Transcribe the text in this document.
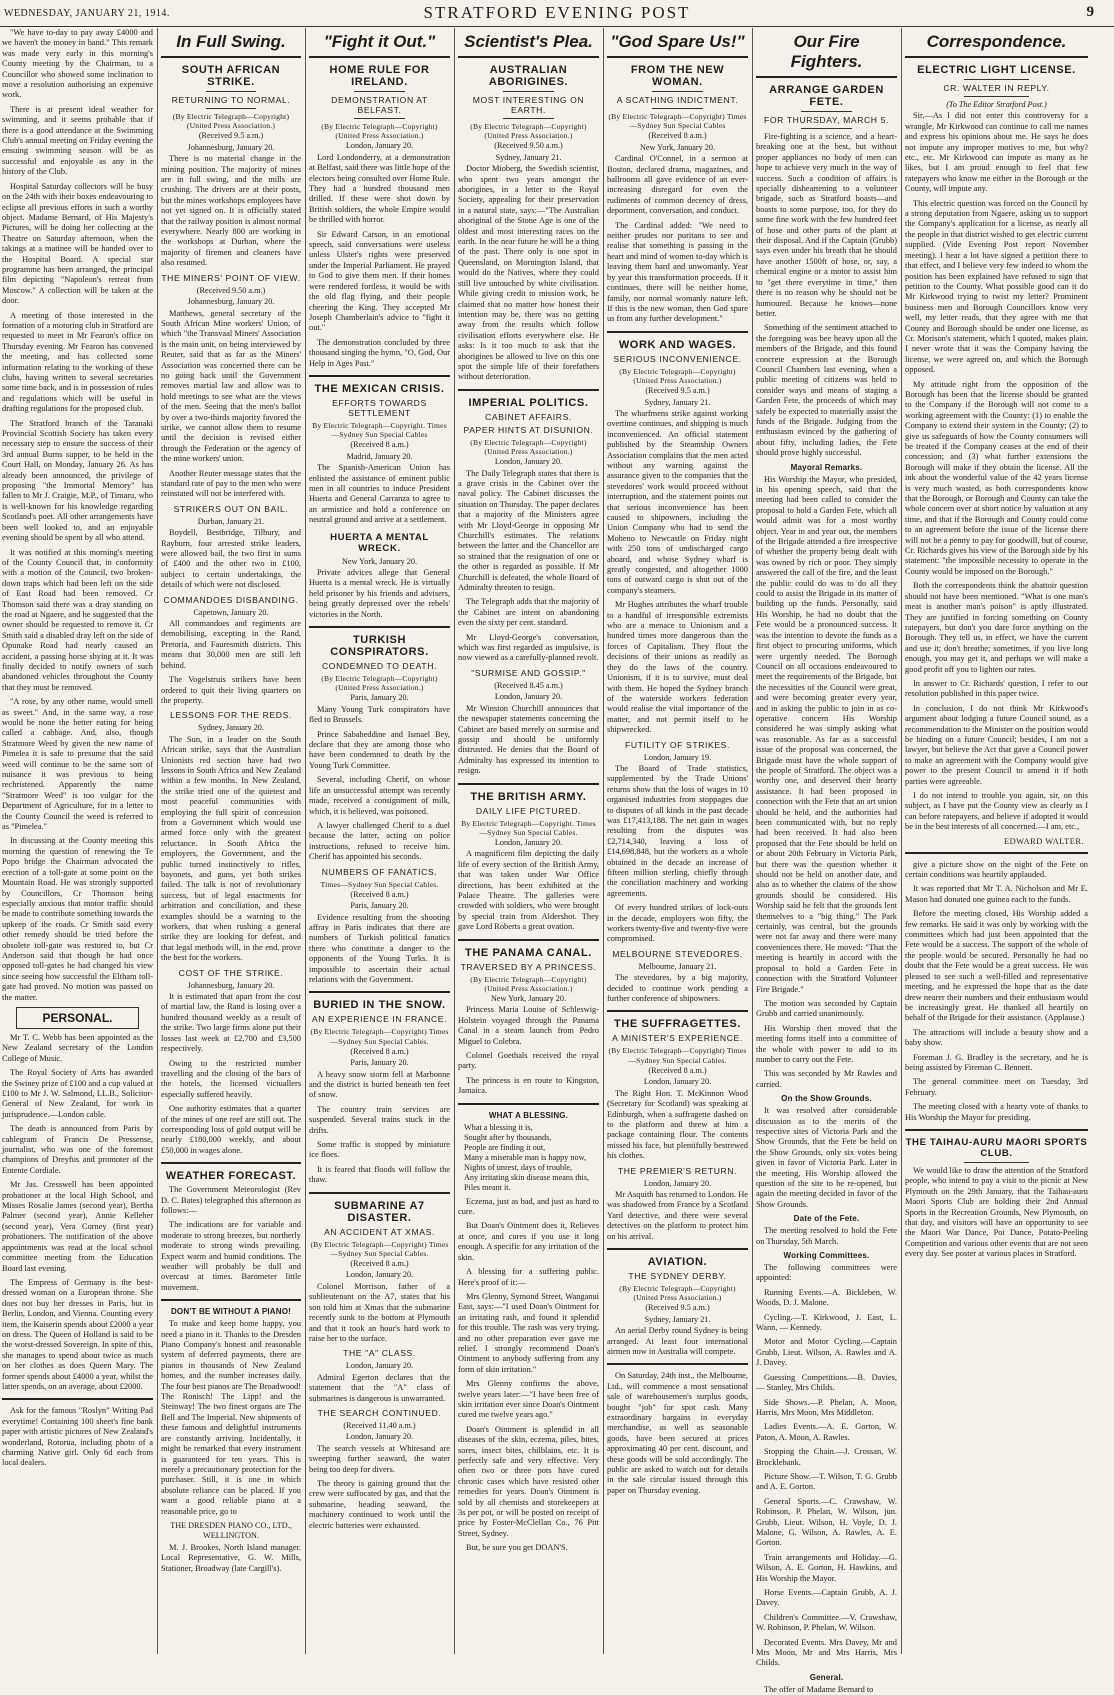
WEDNESDAY, JANUARY 21, 1914.	STRATFORD EVENING POST	9

"We have to-day to pay away £4000 and we haven't the money in hand." This remark was made very early in this morning's County meeting by the Chairman, to a Councillor who showed some inclination to move a resolution authorising an expensive work.

There is at present ideal weather for swimming, and it seems probable that if there is a good attendance at the Swimming Club's annual meeting on Friday evening the ensuing swimming season will be as successful and enjoyable as any in the history of the Club.

Hospital Saturday collectors will be busy on the 24th with their boxes endeavouring to eclipse all previous efforts in such a worthy object. Madame Bernard, of His Majesty's Pictures, will be doing her collecting at the Theatre on Saturday afternoon, when the takings at a matinee will be handed over to the Hospital Board. A special star programme has been arranged, the principal film depicting "Napoleon's retreat from Moscow." A collection will be taken at the door.

A meeting of those interested in the formation of a motoring club in Stratford are requested to meet in Mr Fearon's office on Thursday evening. Mr Fearon has convened the meeting, and has collected some information relating to the working of these clubs, having written to several secretaries some time back, and is in possession of rules and regulations which will be useful in drafting regulations for the proposed club.

The Stratford branch of the Taranaki Provincial Scottish Society has taken every necessary step to ensure the success of their 3rd annual Burns supper, to be held in the Court Hall, on Monday, January 26. As has already been announced, the privilege of proposing "the Immortal Memory" has fallen to Mr J. Craigie, M.P., of Timaru, who is well-known for his knowledge regarding Scotland's poet. All other arrangements have been well looked to, and an enjoyable evening should be spent by all who attend.

It was notified at this morning's meeting of the County Council that, in conformity with a motion of the Council, two broken-down traps which had been left on the side of East Road had been removed. Cr Thomson said there was a dray standing on the road at Ngaere, and he suggested that the owner should be requested to remove it. Cr Smith said a disabled dray left on the side of Opunake Road had nearly caused an accident, a passing horse shying at it. It was finally decided to notify owners of such abandoned vehicles throughout the County that they must be removed.

"A rose, by any other name, would smell as sweet." And, in the same way, a rose would be none the better eating for being called a cabbage. And, also, though Stratmore Weed by given the new name of Pimelea it is safe to presume that the said weed will continue to be the same sort of nuisance it was previous to being rechristened. Apparently the name "Stratmore Weed" is too vulgar for the Department of Agriculture, for in a letter to the County Council the weed is referred to as "Pimelea."

In discussing at the County meeting this morning the question of renewing the Te Popo bridge the Chairman advocated the erection of a toll-gate at some point on the Mountain Road. He was strongly supported by Councillors, Cr Thomson being especially anxious that motor traffic should be made to contribute something towards the upkeep of the roads. Cr Smith said every other remedy should be tried before the obsolete toll-gate was restored to, but Cr Anderson said that though he had once opposed toll-gates he had changed his view since seeing how successful the Eltham toll-gate had proved. No motion was passed on the matter.

PERSONAL.

Mr T. C. Webb has been appointed as the New Zealand secretary of the London College of Music.

The Royal Society of Arts has awarded the Swiney prize of £100 and a cup valued at £100 to Mr J. W. Salmond, LL.B., Solicitor-General of New Zealand, for work in jurisprudence.—London cable.

The death is announced from Paris by cablegram of Francis De Pressense, journalist, who was one of the foremost champions of Dreyfus and promoter of the Entente Cordiale.

Mr Jas. Cresswell has been appointed probationer at the local High School, and Misses Rosalie James (second year), Bertha Palmer (second year), Annie Kelleher (second year), Vera Corney (first year) probationers. The notification of the above appointments was read at the local school committee meeting from the Education Board last evening.

The Empress of Germany is the best-dressed woman on a European throne. She does not buy her dresses in Paris, but in Berlin, London, and Vienna. Counting every item, the Kaiserin spends about £2000 a year on dress. The Queen of Holland is said to be the worst-dressed Sovereign. In spite of this, she manages to spend about twice as much on her clothes as does Queen Mary. The former spends about £4000 a year, whilst the latter spends, on an average, about £2000.

Ask for the famous "Roslyn" Writing Pad everytime! Containing 100 sheet's fine bank paper with artistic pictures of New Zealand's wonderland, Rotorua, including photo of a charming Native girl. Only 6d each from local dealers.

In Full Swing.
SOUTH AFRICAN STRIKE.
RETURNING TO NORMAL.

(By Electric Telegraph—Copyright) (United Press Association.)

(Received 9.5 a.m.)

Johannesburg, January 20.

There is no material change in the mining position. The majority of mines are in full swing, and the mills are crushing. The drivers are at their posts, but the mines workshops employees have not yet signed on. It is officially stated that the railway position is almost normal everywhere. Nearly 800 are working in the workshops at Durban, where the majority of firemen and cleaners have also resumed.

THE MINERS' POINT OF VIEW.

(Received 9.50 a.m.)

Johannesburg, January 20.

Matthews, general secretary of the South African Mine workers' Union, of which "the Transvaal Miners' Association is the main unit, on being interviewed by Reuter, said that as far as the Miners' Association was concerned there can be no going back until the Government removes martial law and allow was to hold meetings to see what are the views of the men. Seeing that the men's ballot by over a two-thirds majority favored the strike, we cannot allow them to resume until the decision is revised either through the Federation or the agency of the mine workers' union.

Another Reuter message states that the standard rate of pay to the men who were reinstated will not be interfered with.

STRIKERS OUT ON BAIL.

Durban, January 21.

Boydell, Bestbridge, Tilbury, and Rayburn, four arrested strike leaders, were allowed bail, the two first in sums of £400 and the other two in £100, subject to certain undertakings, the details of which were not disclosed.

COMMANDOES DISBANDING.

Capetown, January 20.

All commandoes and regiments are demobilising, excepting in the Rand, Pretoria, and Fauresmith districts. This means that 30,000 men are still left behind.

The Vogelstruis strikers have been ordered to quit their living quarters on the property.

LESSONS FOR THE REDS.

Sydney, January 20.

The Sun, in a leader on the South African strike, says that the Australian Unionists red section have had two lessons in South Africa and New Zealand within a few months. In New Zealand, the strike tried one of the quietest and most peaceful communities with employing the full spirit of concession from a Government which would use armed force only with the greatest reluctance. In South Africa the employers, the Government, and the public turned instinctively to rifles, bayonets, and guns, yet both strikes failed. The talk is not of revolutionary success, but of legal enactments for arbitration and conciliation, and these examples should be a warning to the workers, that when rushing a general strike they are looking for defeat, and that legal methods will, in the end, prove the best for the workers.

COST OF THE STRIKE.

Johannesburg, January 20.

It is estimated that apart from the cost of martial law, the Rand is losing over a hundred thousand weekly as a result of the strike. Two large firms alone put their losses last week at £2,700 and £3,500 respectively.

Owing to the restricted number travelling and the closing of the bars of the hotels, the licensed victuallers especially suffered heavily.

One authority estimates that a quarter of the mines of one reef are still out. The corresponding loss of gold output will be nearly £180,000 weekly, and about £50,000 in wages alone.

WEATHER FORECAST.

The Government Meteorologist (Rev D. C. Bates) telegraphed this afternoon as follows:—

The indications are for variable and moderate to strong breezes, but northerly moderate to strong winds prevailing. Expect warm and humid conditions. The weather will probably be dull and overcast at times. Barometer little movement.

DON'T BE WITHOUT A PIANO!

To make and keep home happy, you need a piano in it. Thanks to the Dresden Piano Company's honest and reasonable system of deferred payments, there are pianos in thousands of New Zealand homes, and the number increases daily. The four best pianos are The Broadwood! The Ronisch! The Lipp! and the Steinway! The two finest organs are The Bell and The Imperial. New shipments of these famous and delightful instruments are constantly arriving. Incidentally, it might be remarked that every instrument is guaranteed for ten years. This is merely a precautionary protection for the purchaser. Still, it is one in which absolute reliance can be placed. If you want a good reliable piano at a reasonable price, go to

THE DRESDEN PIANO CO., LTD., WELLINGTON.

M. J. Brookes, North Island manager. Local Representative, G. W. Mills, Stationer, Broadway (late Cargill's).

"Fight it Out."
HOME RULE FOR IRELAND.
DEMONSTRATION AT BELFAST.

(By Electric Telegraph—Copyright) (United Press Association.)

London, January 20.

Lord Londonderry, at a demonstration at Belfast, said there was little hope of the electors being consulted over Home Rule. They had a hundred thousand men drilled. If these were shot down by British soldiers, the whole Empire would be thrilled with horror.

Sir Edward Carson, in an emotional speech, said conversations were useless unless Ulster's rights were preserved under the Imperial Parliament. He prayed to God to give them men. If their homes were rendered fortless, it would be with the old flag flying, and their people cheering the King. They accepted Mr Joseph Chamberlain's advice to "fight it out."

The demonstration concluded by three thousand singing the hymn, "O, God, Our Help in Ages Past."

THE MEXICAN CRISIS.
EFFORTS TOWARDS SETTLEMENT

By Electric Telegraph—Copyright. Times—Sydney Sun Special Cables

(Received 8 a.m.)

Madrid, January 20.

The Spanish-American Union has enlisted the assistance of eminent public men in all countries to induce President Huerta and General Carranza to agree to an armistice and hold a conference on neutral ground and arrive at a settlement.

HUERTA A MENTAL WRECK.

New York, January 20.

Private advices allege that General Huerta is a mental wreck. He is virtually held prisoner by his friends and advisers, being greatly depressed over the rebels' victories in the North.

TURKISH CONSPIRATORS.
CONDEMNED TO DEATH.

(By Electric Telegraph—Copyright) (United Press Association.)

Paris, January 20.

Many Young Turk conspirators have fled to Brussels.

Prince Sabaheddine and Ismael Bey, declare that they are among those who have been condemned to death by the Young Turk Committee.

Several, including Cherif, on whose life an unsuccessful attempt was recently made, received a consignment of milk, which, it is believed, was poisoned.

A lawyer challenged Cherif to a duel because the latter, acting on police instructions, refused to receive him. Cherif has appointed his seconds.

NUMBERS OF FANATICS.

Times—Sydney Sun Special Cables.

(Received 8 a.m.)

Paris, January 20.

Evidence resulting from the shooting affray in Paris indicates that there are numbers of Turkish political fanatics there who constitute a danger to the opponents of the Young Turks. It is impossible to ascertain their actual relations with the Government.

BURIED IN THE SNOW.
AN EXPERIENCE IN FRANCE.

(By Electric Telegraph—Copyright) Times—Sydney Sun Special Cables.

(Received 8 a.m.)

Paris, January 20.

A heavy snow storm fell at Marbonne and the district is buried beneath ten feet of snow.

The country train services are suspended. Several trains stuck in the drifts.

Some traffic is stopped by miniature ice floes.

It is feared that floods will follow the thaw.

SUBMARINE A7 DISASTER.
AN ACCIDENT AT XMAS.

(By Electric Telegraph—Copyright) Times—Sydney Sun Special Cables.

(Received 8 a.m.)

London, January 20.

Colonel Morrison, father of a sublieutenant on the A7, states that his son told him at Xmas that the submarine recently sunk to the bottom at Plymouth and that it took an hour's hard work to raise her to the surface.

THE "A" CLASS.

London, January 20.

Admiral Egerton declares that the statement that the "A" class of submarines is dangerous is unwarranted.

THE SEARCH CONTINUED.

(Received 11.40 a.m.)

London, January 20.

The search vessels at Whitesand are sweeping further seaward, the water being too deep for divers.

The theory is gaining ground that the crew were suffocated by gas, and that the submarine, heading seaward, the machinery continued to work until the electric batteries were exhausted.

Scientist's Plea.
AUSTRALIAN ABORIGINES.
MOST INTERESTING ON EARTH.

(By Electric Telegraph—Copyright) (United Press Association.)

(Received 9.50 a.m.)

Sydney, January 21.

Doctor Mioberg, the Swedish scientist, who spent two years amongst the aborigines, in a letter to the Royal Society, appealing for their preservation in a natural state, says:—"The Australian aboriginal of the Stone Age is one of the oldest and most interesting races on the earth. In the near future he will be a thing of the past. There only is one spot in Queensland, on Mornington Island, that would do the Natives, where they could still live untouched by white civilisation. While giving credit to mission work, he claimed that no matter how honest their intention may be, there was no getting away from the results which follow civilisation efforts everywhere else. He asks: Is it too much to ask that the aborigines be allowed to live on this one spot the simple life of their forefathers without deterioration.

IMPERIAL POLITICS.
CABINET AFFAIRS.
PAPER HINTS AT DISUNION.

(By Electric Telegraph—Copyright) (United Press Association.)

London, January 20.

The Daily Telegraph states that there is a grave crisis in the Cabinet over the naval policy. The Cabinet discusses the situation on Thursday. The paper declares that a majority of the Ministers agree with Mr Lloyd-George in opposing Mr Churchill's estimates. The relations between the latter and the Chancellor are so strained that the resignation of one or the other is regarded as possible. If Mr Churchill is defeated, the whole Board of Admiralty threaten to resign.

The Telegraph adds that the majority of the Cabinet are intent on abandoning even the sixty per cent. standard.

Mr Lloyd-George's conversation, which was first regarded as impulsive, is now viewed as a carefully-planned revolt.

"SURMISE AND GOSSIP."

(Received 8.45 a.m.)

London, January 20.

Mr Winston Churchill announces that the newspaper statements concerning the Cabinet are based merely on surmise and gossip and should be uniformly distrusted. He denies that the Board of Admiralty has expressed its intention to resign.

THE BRITISH ARMY.
DAILY LIFE PICTURED.

By Electric Telegraph—Copyright. Times—Sydney Sun Special Cables.

London, January 20.

A magnificent film depicting the daily life of every section of the British Army, that was taken under War Office directions, has been exhibited at the Palace Theatre. The galleries were crowded with soldiers, who were brought by special train from Aldershot. They gave Lord Roberts a great ovation.

THE PANAMA CANAL.
TRAVERSED BY A PRINCESS.

(By Electric Telegraph—Copyright) (United Press Association.)

New York, January 20.

Princess Maria Louise of Schleswig-Holstein voyaged through the Panama Canal in a steam launch from Pedro Miguel to Colebra.

Colonel Goethals received the royal party.

The princess is en route to Kingston, Jamaica.

WHAT A BLESSING.
What a blessing it is,
Sought after by thousands,
People are finding it out,
Many a miserable man is happy now,
Nights of unrest, days of trouble,
Any irritating skin disease means this,
Piles meant it.

Eczema, just as bad, and just as hard to cure.

But Doan's Ointment does it, Relieves at once, and cures if you use it long enough. A specific for any irritation of the skin.

A blessing for a suffering public. Here's proof of it:—

Mrs Glenny, Symond Street, Wanganui East, says:—"I used Doan's Ointment for an irritating rash, and found it splendid for this trouble. The rash was very trying, and no other preparation ever gave me relief. I strongly recommend Doan's Ointment to anybody suffering from any form of skin irritation."

Mrs Glenny confirms the above, twelve years later:—"I have been free of skin irritation ever since Doan's Ointment cured me twelve years ago."

Doan's Ointment is splendid in all diseases of the skin, eczema, piles, bites, sores, insect bites, chilblains, etc. It is perfectly safe and very effective. Very often two or three pots have cured chronic cases which have resisted other remedies for years. Doan's Ointment is sold by all chemists and storekeepers at 3s per pot, or will be posted on receipt of price by Foster-McClellan Co., 76 Pitt Street, Sydney.

But, be sure you get DOAN'S.

"God Spare Us!"
FROM THE NEW WOMAN.
A SCATHING INDICTMENT.

(By Electric Telegraph—Copyright) Times—Sydney Sun Special Cables

(Received 8 a.m.)

New York, January 20.

Cardinal O'Connel, in a sermon at Boston, declared drama, magazines, and ballrooms all gave evidence of an ever-increasing disregard for even the rudiments of common decency of dress, deportment, conversation, and conduct.

The Cardinal added: "We need to neither prudes nor puritans to see and realise that something is passing in the heart and mind of women to-day which is leaving them hard and unwomanly. Year by year this transformation proceeds. If it continues, there will be neither home, family, nor normal womanly nature left. If this is the new woman, then God spare us from any further development."

WORK AND WAGES.
SERIOUS INCONVENIENCE.

(By Electric Telegraph—Copyright) (United Press Association.)

(Received 9.5 a.m.)

Sydney, January 21.

The wharfmens strike against working overtime continues, and shipping is much inconvenienced. An official statement published by the Steamship Owners Association complains that the men acted without any warning against the assurance given to the companies that the stevedores' work would proceed without interruption, and the statement points out that serious inconvenience has been caused to shipowners, including the Union Company who had to send the Moheno to Newcastle on Friday night with 250 tons of undischarged cargo aboard, and whose Sydney wharf is greatly congested, and altogether 1000 tons of outward cargo is shut out of the company's steamers.

Mr Hughes attributes the wharf trouble to a handful of irresponsible extremists who are a menace to Unionism and a hundred times more dangerous than the forces of Capitalism. They flout the decisions of their unions as readily as they do the laws of the country. Unionism, if it is to survive, must deal with them. He hoped the Sydney branch of the waterside workers federation would realise the vital importance of the matter, and not permit itself to be shipwrecked.

FUTILITY OF STRIKES.

London, January 19.

The Board of Trade statistics, supplemented by the Trade Unions' returns show that the loss of wages in 10 organised industries from stoppages due to disputes of all kinds in the past decade was £17,413,188. The net gain in wages resulting from the disputes was £2,714,340, leaving a loss of £14,698,848, but the workers as a whole obtained in the decade an increase of fifteen million sterling, chiefly through the conciliation machinery and working agreements.

Of every hundred strikes of lock-outs in the decade, employers won fifty, the workers twenty-five and twenty-five were compromised.

MELBOURNE STEVEDORES.

Melbourne, January 21.

The stevedores, by a big majority, decided to continue work pending a further conference of shipowners.

THE SUFFRAGETTES.
A MINISTER'S EXPERIENCE.

(By Electric Telegraph—Copyright) Times—Sydney Sun Special Cables.

(Received 8 a.m.)

London, January 20.

The Right Hon. T. McKinnon Wood (Secretary for Scotland) was speaking at Edinburgh, when a suffragette dashed on to the platform and threw at him a package containing flour. The contents missed his face, but plentifully bestrewed his clothes.

THE PREMIER'S RETURN.

London, January 20.

Mr Asquith has returned to London. He was shadowed from France by a Scotland Yard detective, and there were several detectives on the platform to protect him on his arrival.

AVIATION.
THE SYDNEY DERBY.

(By Electric Telegraph—Copyright) (United Press Association.)

(Received 9.5 a.m.)

Sydney, January 21.

An aerial Derby round Sydney is being arranged. At least four international airmen now in Australia will compete.

On Saturday, 24th inst., the Melbourne, Ltd., will commence a most sensational sale of warehousemen's surplus goods, bought "job" for spot cash. Many extraordinary bargains in everyday merchandise, as well as seasonable goods, have been secured at prices approximating 40 per cent. discount, and these goods will be sold accordingly. The public are asked to watch out for details in the sale circular issued through this paper on Thursday evening.

Our Fire Fighters.
ARRANGE GARDEN FETE.
FOR THURSDAY, MARCH 5.

Fire-fighting is a science, and a heart-breaking one at the best, but without proper appliances no body of men can hope to achieve very much in the way of success. Such a condition of affairs is specially disheartening to a volunteer brigade, such as Stratford boasts—and boasts to some purpose, too, for they do some fine work with the few hundred feet of hose and other parts of the plant at their disposal. And if the Captain (Grubb) says even under his breath that he should have another 1500ft of hose, or, say, a chemical engine or a motor to assist him to "get there everytime in time," then there is no reason why he should not be humoured. Because he knows—none better.

Something of the sentiment attached to the foregoing was bee heavy upon all the members of the Brigade, and this found concrete expression at the Borough Council Chambers last evening, when a public meeting of citizens was held to consider ways and means of staging a Garden Fete, the proceeds of which may safely be expected to materially assist the funds of the Brigade. Judging from the enthusiasm evinced by the gathering of about fifty, including ladies, the Fete should prove highly successful.

Mayoral Remarks.

His Worship the Mayor, who presided, in his opening speech, said that the meeting had been called to consider the proposal to hold a Garden Fete, which all would admit was for a most worthy object. Year in and year out, the members of the Brigade attended a fire irrespective of whether the property being dealt with was owned by rich or poor. They simply answered the call of the fire, and the least the public could do was to do all they could to assist the Brigade in its matter of building up the funds. Personally, said His Worship, he had no doubt that the Fete would be a pronounced success. It was the intention to devote the funds as a first object to procuring uniforms, which were urgently needed. The Borough Council on all occasions endeavoured to meet the requirements of the Brigade, but the necessities of the Council were great, and were becoming greater every year, and in asking the public to join in as co-operative concern His Worship considered he was simply asking what was reasonable. As far as a successful issue of the proposal was concerned, the Brigade must have the whole support of the people of Stratford. The object was a worthy one, and deserved their hearty assistance. It had been proposed in connection with the Fete that an art union should be held, and the authorities had been communicated with, but no reply had been received. It had also been proposed that the Fete should be held on or about 20th February in Victoria Park, but there was the question whether it should not be held on another date, and also as to whether the claims of the show grounds should be considered. His Worship said he felt that the grounds lent themselves to a "big thing." The Park certainly, was central, but the grounds were not far away and there were many conveniences there. He moved: "That the meeting is heartily in accord with the proposal to hold a Garden Fete in connection with the Stratford Volunteer Fire Brigade."

The motion was seconded by Captain Grubb and carried unanimously.

His Worship then moved that the meeting forms itself into a committee of the whole with power to add to its number to carry out the Fete.

This was seconded by Mr Rawles and carried.

On the Show Grounds.

It was resolved after considerable discussion as to the merits of the respective sites of Victoria Park and the Show Grounds, that the Fete be held on the Show Grounds, only six votes being given in favor of Victoria Park. Later in the meeting, His Worship allowed the question of the site to be re-opened, but again the meeting decided in favor of the Show Grounds.

Date of the Fete.

The meeting resolved to hold the Fete on Thursday, 5th March.

Working Committees.

The following committees were appointed:

Running Events.—A. Bickleben, W. Woods, D. J. Malone.

Cycling.—T. Kirkwood, J. East, L. Wann, — Kennedy.

Motor and Motor Cycling.—Captain Grubb, Lieut. Wilson, A. Rawles and A. J. Davey.

Guessing Competitions.—B. Davies, — Stanley, Mrs Childs.

Side Shows.—P. Phelan, A. Moon, Harris, Mrs Moon, Mrs Middleton.

Ladies Events.—A. E. Gorton, W. Paton, A. Moon, A. Rawles.

Stopping the Chain.—J. Crossan, W. Brocklebank.

Picture Show.—T. Wilson, T. G. Grubb and A. E. Gorton.

General Sports.—C. Crawshaw, W. Robinson, P. Phelan, W. Wilson, jun. Grubb, Lieut. Wilson, H. Voyle, D. J. Malone, G. Wilson, A. Rawles, A. E. Gorton.

Train arrangements and Holiday.—G. Wilson, A. E. Gorton, H. Hawkins, and His Worship the Mayor.

Horse Events.—Captain Grubb, A. J. Davey.

Children's Committee.—V. Crawshaw, W. Robinson, P. Phelan, W. Wilson.

Decorated Events. Mrs Davey, Mr and Mrs Moon, Mr and Mrs Harris, Mrs Childs.

General.

The offer of Madame Bernard to

Correspondence.
ELECTRIC LIGHT LICENSE.
CR. WALTER IN REPLY.

(To The Editor Stratford Post.)

Sir,—As I did not enter this controversy for a wrangle, Mr Kirkwood can continue to call me names and express his opinions about me. He says he does not impute any improper motives to me, but why? etc., etc. Mr Kirkwood can impute as many as he likes, but I am proud enough to feel that few ratepayers who know me either in the Borough or the County, will impute any.

This electric question was forced on the Council by a strong deputation from Ngaere, asking us to support the Company's application for a license, as nearly all the people in that district wished to get electric current supplied. (Vide Evening Post report November meeting). I hear a lot have signed a petition there to that effect, and I believe very few indeed to whom the position has been explained have refused to sign that petition to the County. What possible good can it do Mr Kirkwood trying to twist my letter? Prominent business men and Borough Councillors know very well, my letter reads, that they agree with me that County and Borough should be under one license, as Cr. Morison's statement, which I quoted, makes plain. I never wrote that it was the Company having the license, we were agreed on, and which the Borough opposed.

My attitude right from the opposition of the Borough has been that the license should be granted to the Company if the Borough will not come to a working agreement with the County: (1) to enable the Company to extend their system in the County; (2) to give us safeguards of how the County consumers will be treated if the Company ceases at the end of their concession; and (3) what further extensions the Borough will make if they obtain the license. All the ink about the wonderful value of the 42 years license is very much wasted, as both correspondents know that the Borough, or Borough and County can take the whole concern over at short notice by valuation at any time, and that if the Borough and County could come to an agreement before the issue of the license there will not be a penny to pay for goodwill, but of course, Cr. Richards gives his view of the Borough side by his statement: "the impossible necessity to operate in the County would be imposed on the Borough."

Both the correspondents think the abattoir question should not have been mentioned. "What is one man's meat is another man's poison" is aptly illustrated. They are justified in forcing something on County ratepayers, but don't you dare force anything on the Borough. They tell us, in effect, we have the current and use it; don't breathe; sometimes, if you live long enough, you may get it, and perhaps we will make a good profit off you to lighten our rates.

In answer to Cr. Richards' question, I refer to our resolution published in this paper twice.

In conclusion, I do not think Mr Kirkwood's argument about lodging a future Council sound, as a recommendation to the Minister on the position would be binding on a future Council; besides, I am not a lawyer, but believe the Act that gave a Council power to make an agreement with the Company would give power to the present Council to amend it if both parties were agreeable.

I do not intend to trouble you again, sir, on this subject, as I have put the County view as clearly as I can before ratepayers, and believe if adopted it would be in the best interests of all concerned.—I am, etc.,

EDWARD WALTER.

give a picture show on the night of the Fete on certain conditions was heartily applauded.

It was reported that Mr T. A. Nicholson and Mr E. Mason had donated one guinea each to the funds.

Before the meeting closed, His Worship added a few remarks. He said it was only by working with the committees which had just been appointed that the Fete would be a success. The support of the whole of the people would be secured. Personally he had no doubt that the Fete would be a great success. He was pleased to see such a well-filled and representative meeting, and he expressed the hope that as the date drew nearer their numbers and their enthusiasm would be increasingly great. He thanked all heartily on behalf of the Brigade for their assistance. (Applause.)

The attractions will include a beauty show and a baby show.

Foreman J. G. Bradley is the secretary, and he is being assisted by Fireman C. Bennett.

The general committee meet on Tuesday, 3rd February.

The meeting closed with a hearty vote of thanks to His Worship the Mayor for presiding.

THE TAIHAU-AURU MAORI SPORTS CLUB.

We would like to draw the attention of the Stratford people, who intend to pay a visit to the picnic at New Plymouth on the 29th January, that the Taihau-auru Maori Sports Club are holding their 2nd Annual Sports in the Recreation Grounds, New Plymouth, on that day, and visitors will have an opportunity to see the Maori War Dance, Poi Dance, Potato-Peeling Competition and various other events that are not seen every day. See poster at various places in Stratford.
